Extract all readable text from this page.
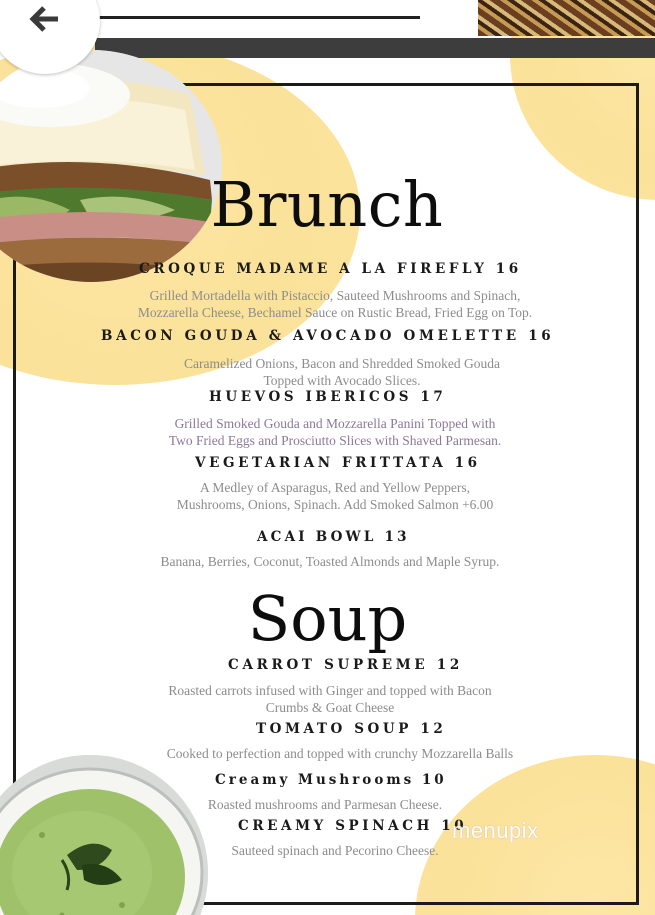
Brunch
CROQUE MADAME A LA FIREFLY 16
Grilled Mortadella with Pistaccio, Sauteed Mushrooms and Spinach,
Mozzarella Cheese, Bechamel Sauce on Rustic Bread, Fried Egg on Top.
BACON GOUDA & AVOCADO OMELETTE 16
Caramelized Onions, Bacon and Shredded Smoked Gouda
Topped with Avocado Slices.
HUEVOS IBERICOS 17
Grilled Smoked Gouda and Mozzarella Panini Topped with
Two Fried Eggs and Prosciutto Slices with Shaved Parmesan.
VEGETARIAN FRITTATA 16
A Medley of Asparagus, Red and Yellow Peppers,
Mushrooms, Onions, Spinach. Add Smoked Salmon +6.00
ACAI BOWL 13
Banana, Berries, Coconut, Toasted Almonds and Maple Syrup.
Soup
CARROT SUPREME 12
Roasted carrots infused with Ginger and topped with Bacon
Crumbs & Goat Cheese
TOMATO SOUP 12
Cooked to perfection and topped with crunchy Mozzarella Balls
Creamy Mushrooms 10
Roasted mushrooms and Parmesan Cheese.
CREAMY SPINACH 10
Sauteed spinach and Pecorino Cheese.
menupix
